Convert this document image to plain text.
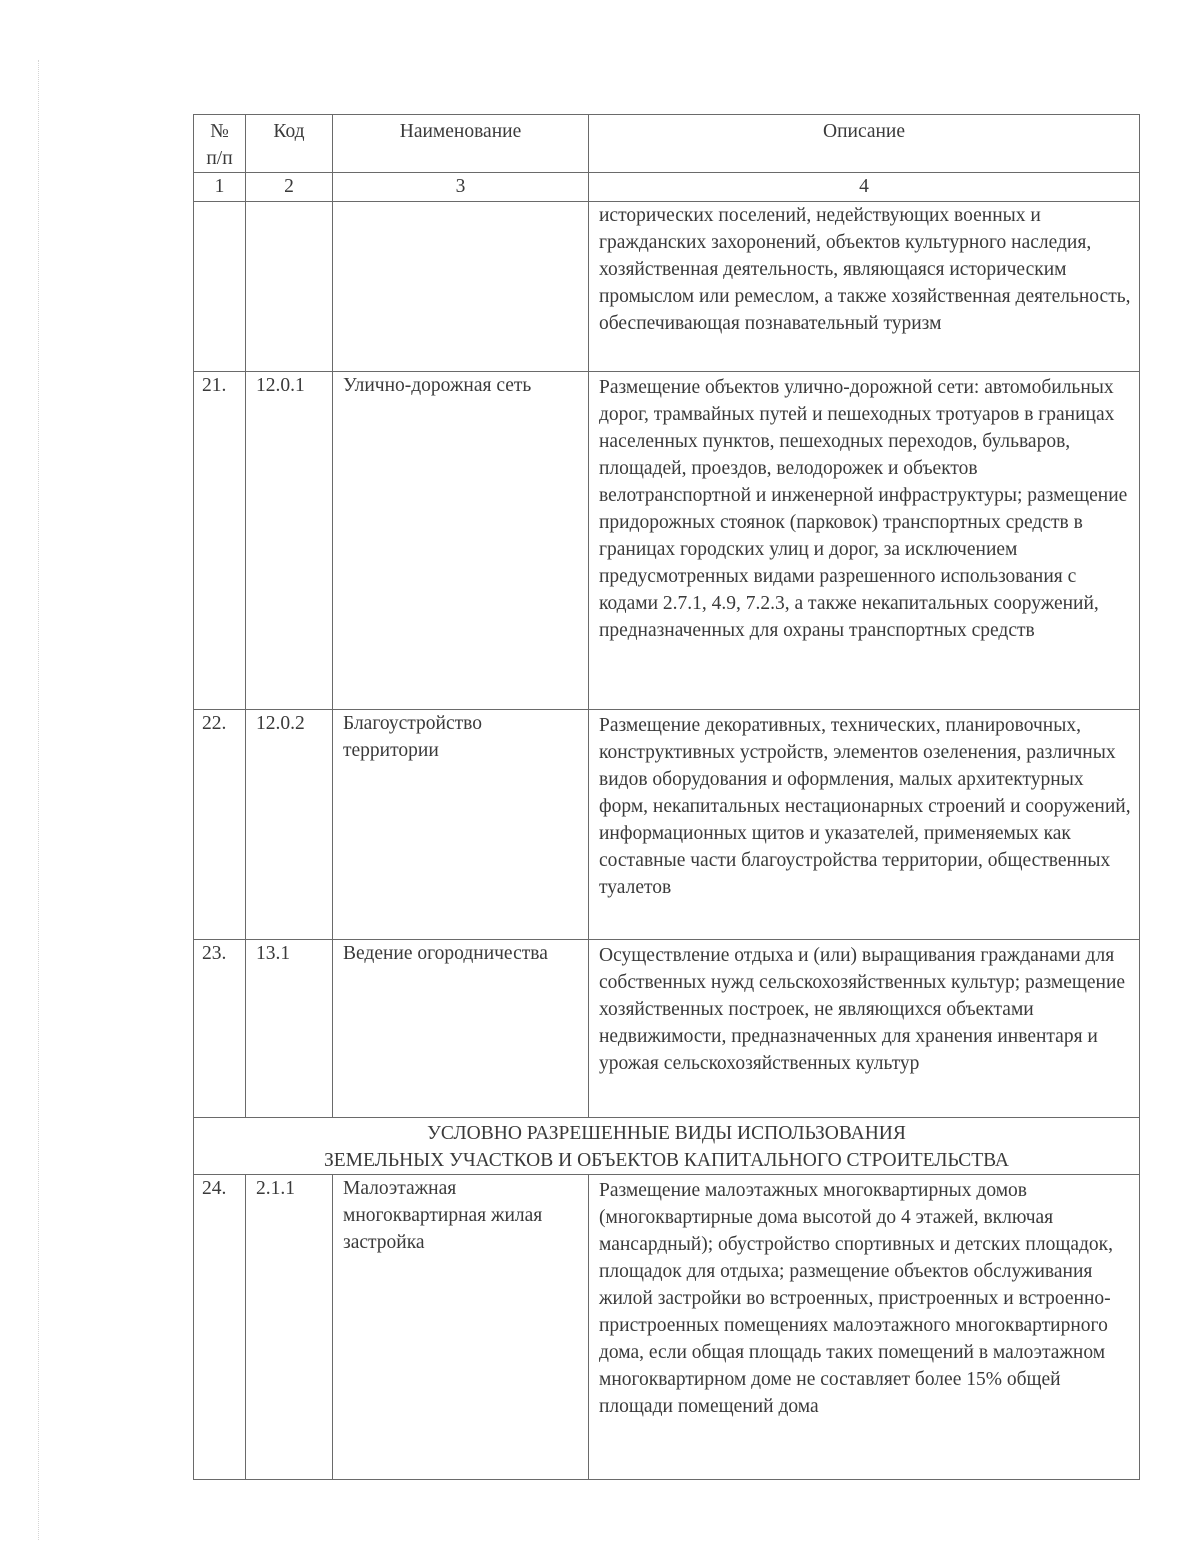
№ п/п	Код	Наименование	Описание
1	2	3	4
			исторических поселений, недействующих военных и гражданских захоронений, объектов культурного наследия, хозяйственная деятельность, являющаяся историческим промыслом или ремеслом, а также хозяйственная деятельность, обеспечивающая познавательный туризм
21.	12.0.1	Улично-дорожная сеть	Размещение объектов улично-дорожной сети: автомобильных дорог, трамвайных путей и пешеходных тротуаров в границах населенных пунктов, пешеходных переходов, бульваров, площадей, проездов, велодорожек и объектов велотранспортной и инженерной инфраструктуры; размещение придорожных стоянок (парковок) транспортных средств в границах городских улиц и дорог, за исключением предусмотренных видами разрешенного использования с кодами 2.7.1, 4.9, 7.2.3, а также некапитальных сооружений, предназначенных для охраны транспортных средств
22.	12.0.2	Благоустройство территории	Размещение декоративных, технических, планировочных, конструктивных устройств, элементов озеленения, различных видов оборудования и оформления, малых архитектурных форм, некапитальных нестационарных строений и сооружений, информационных щитов и указателей, применяемых как составные части благоустройства территории, общественных туалетов
23.	13.1	Ведение огородничества	Осуществление отдыха и (или) выращивания гражданами для собственных нужд сельскохозяйственных культур; размещение хозяйственных построек, не являющихся объектами недвижимости, предназначенных для хранения инвентаря и урожая сельскохозяйственных культур

УСЛОВНО РАЗРЕШЕННЫЕ ВИДЫ ИСПОЛЬЗОВАНИЯ
ЗЕМЕЛЬНЫХ УЧАСТКОВ И ОБЪЕКТОВ КАПИТАЛЬНОГО СТРОИТЕЛЬСТВА			

24.	2.1.1	Малоэтажная многоквартирная жилая застройка	Размещение малоэтажных многоквартирных домов (многоквартирные дома высотой до 4 этажей, включая мансардный); обустройство спортивных и детских площадок, площадок для отдыха; размещение объектов обслуживания жилой застройки во встроенных, пристроенных и встроенно-пристроенных помещениях малоэтажного многоквартирного дома, если общая площадь таких помещений в малоэтажном многоквартирном доме не составляет более 15% общей площади помещений дома
